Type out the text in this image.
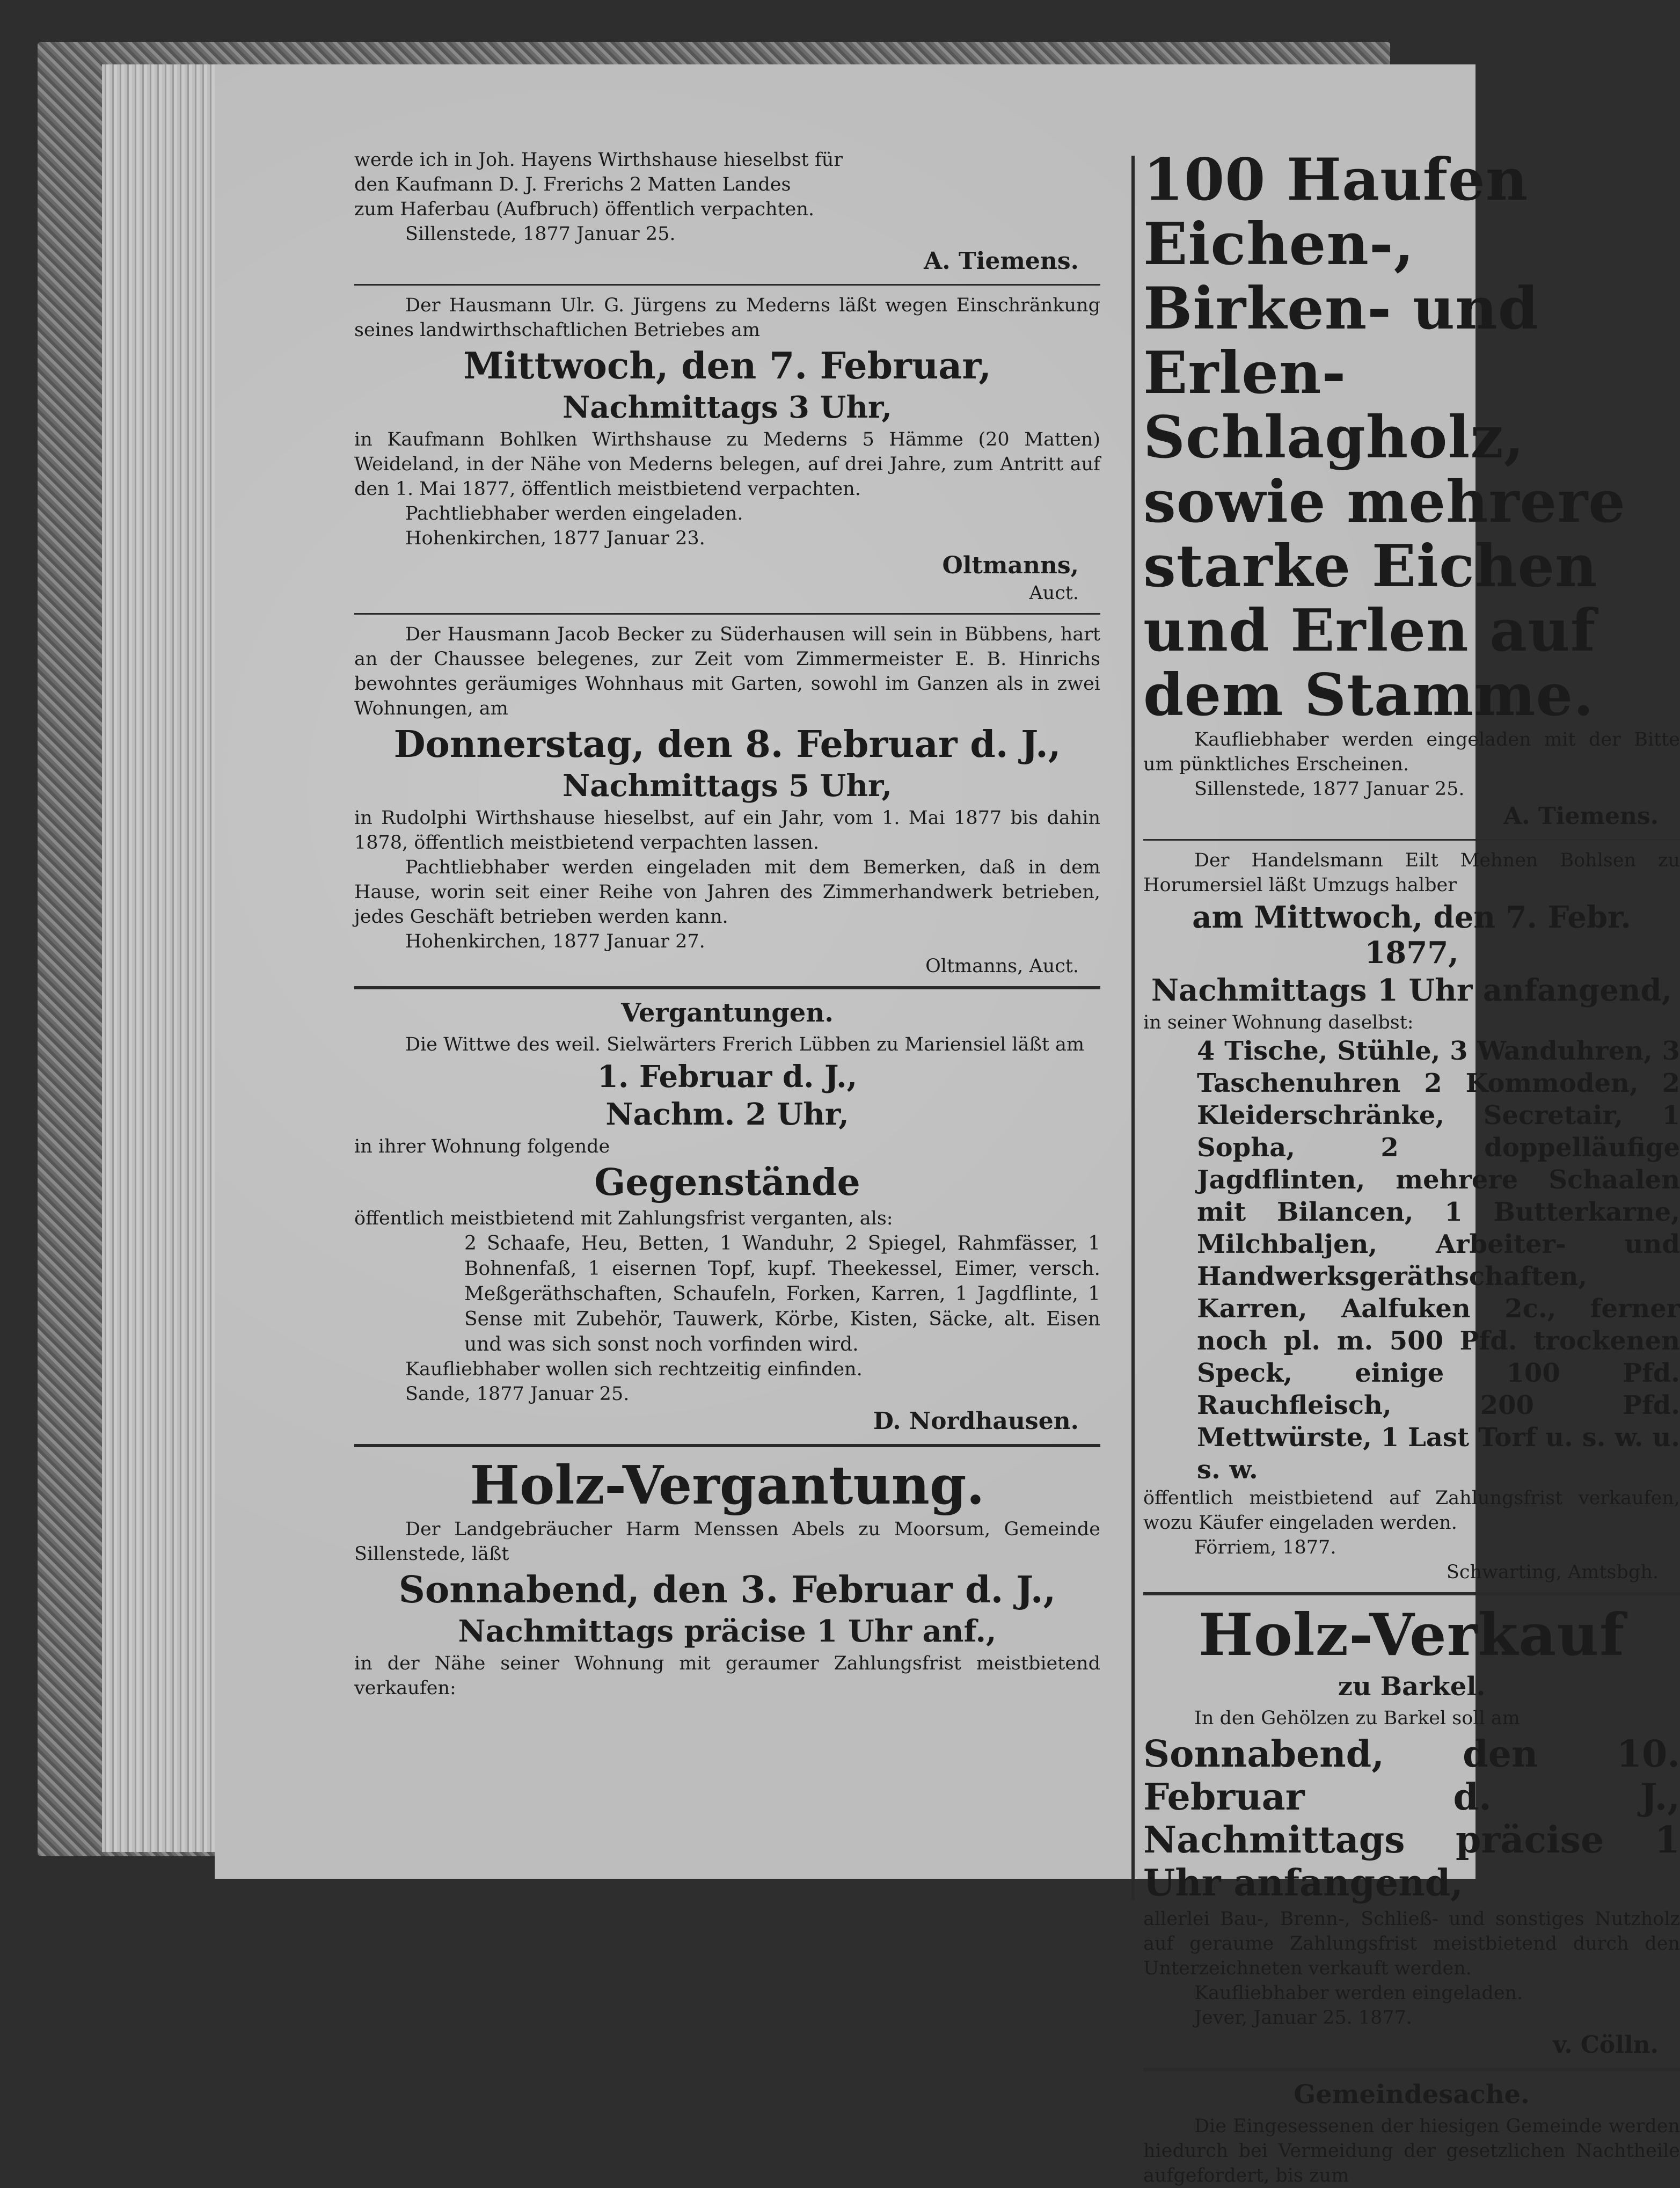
werde ich in Joh. Hayens Wirthshause hieselbst für

den Kaufmann D. J. Frerichs 2 Matten Landes

zum Haferbau (Aufbruch) öffentlich verpachten.

Sillenstede, 1877 Januar 25.

A. Tiemens.

Der Hausmann Ulr. G. Jürgens zu Mederns läßt wegen Einschränkung seines landwirthschaftlichen Betriebes am

Mittwoch, den 7. Februar,

Nachmittags 3 Uhr,

in Kaufmann Bohlken Wirthshause zu Mederns 5 Hämme (20 Matten) Weideland, in der Nähe von Mederns belegen, auf drei Jahre, zum Antritt auf den 1. Mai 1877, öffentlich meistbietend verpachten.

Pachtliebhaber werden eingeladen.

Hohenkirchen, 1877 Januar 23.

Oltmanns,

Auct.

Der Hausmann Jacob Becker zu Süderhausen will sein in Bübbens, hart an der Chaussee belegenes, zur Zeit vom Zimmermeister E. B. Hinrichs bewohntes geräumiges Wohnhaus mit Garten, sowohl im Ganzen als in zwei Wohnungen, am

Donnerstag, den 8. Februar d. J.,

Nachmittags 5 Uhr,

in Rudolphi Wirthshause hieselbst, auf ein Jahr, vom 1. Mai 1877 bis dahin 1878, öffentlich meistbietend verpachten lassen.

Pachtliebhaber werden eingeladen mit dem Bemerken, daß in dem Hause, worin seit einer Reihe von Jahren des Zimmerhandwerk betrieben, jedes Geschäft betrieben werden kann.

Hohenkirchen, 1877 Januar 27.

Oltmanns, Auct.

Vergantungen.

Die Wittwe des weil. Sielwärters Frerich Lübben zu Mariensiel läßt am

1. Februar d. J.,

Nachm. 2 Uhr,

in ihrer Wohnung folgende

Gegenstände

öffentlich meistbietend mit Zahlungsfrist verganten, als:

2 Schaafe, Heu, Betten, 1 Wanduhr, 2 Spiegel, Rahmfässer, 1 Bohnenfaß, 1 eisernen Topf, kupf. Theekessel, Eimer, versch. Meßgeräthschaften, Schaufeln, Forken, Karren, 1 Jagdflinte, 1 Sense mit Zubehör, Tauwerk, Körbe, Kisten, Säcke, alt. Eisen und was sich sonst noch vorfinden wird.

Kaufliebhaber wollen sich rechtzeitig einfinden.

Sande, 1877 Januar 25.

D. Nordhausen.

Holz-Vergantung.

Der Landgebräucher Harm Menssen Abels zu Moorsum, Gemeinde Sillenstede, läßt

Sonnabend, den 3. Februar d. J.,

Nachmittags präcise 1 Uhr anf.,

in der Nähe seiner Wohnung mit geraumer Zahlungsfrist meistbietend verkaufen:

100 Haufen Eichen-, Birken- und Erlen-Schlagholz, sowie mehrere starke Eichen und Erlen auf dem Stamme.

Kaufliebhaber werden eingeladen mit der Bitte um pünktliches Erscheinen.

Sillenstede, 1877 Januar 25.

A. Tiemens.

Der Handelsmann Eilt Mehnen Bohlsen zu Horumersiel läßt Umzugs halber

am Mittwoch, den 7. Febr. 1877,

Nachmittags 1 Uhr anfangend,

in seiner Wohnung daselbst:

4 Tische, Stühle, 3 Wanduhren, 3 Taschenuhren 2 Kommoden, 2 Kleiderschränke, Secretair, 1 Sopha, 2 doppelläufige Jagdflinten, mehrere Schaalen mit Bilancen, 1 Butterkarne, Milchbaljen, Arbeiter- und Handwerksgeräthschaften, Karren, Aalfuken 2c., ferner noch pl. m. 500 Pfd. trockenen Speck, einige 100 Pfd. Rauchfleisch, 200 Pfd. Mettwürste, 1 Last Torf u. s. w. u. s. w.

öffentlich meistbietend auf Zahlungsfrist verkaufen, wozu Käufer eingeladen werden.

Förriem, 1877.

Schwarting, Amtsbgh.

Holz-Verkauf

zu Barkel.

In den Gehölzen zu Barkel soll am

Sonnabend, den 10. Februar d. J., Nachmittags präcise 1 Uhr anfangend,

allerlei Bau-, Brenn-, Schließ- und sonstiges Nutzholz auf geraume Zahlungsfrist meistbietend durch den Unterzeichneten verkauft werden.

Kaufliebhaber werden eingeladen.

Jever, Januar 25. 1877.

v. Cölln.

Gemeindesache.

Die Eingesessenen der hiesigen Gemeinde werden hiedurch bei Vermeidung der gesetzlichen Nachtheile aufgefordert, bis zum
